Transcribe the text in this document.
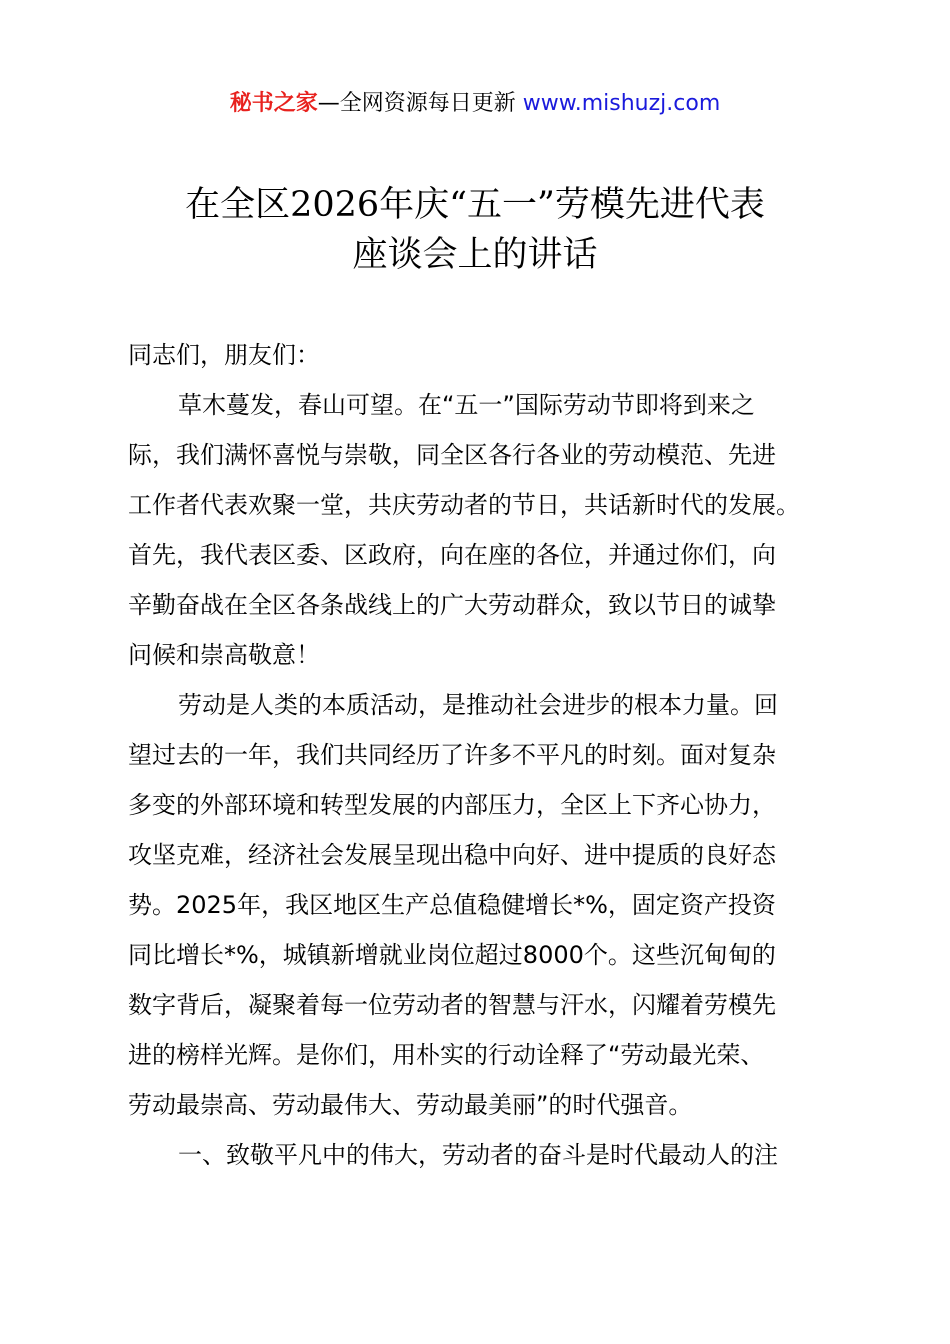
秘书之家—全网资源每日更新 www.mishuzj.com
在全区2026年庆“五一”劳模先进代表
座谈会上的讲话
同志们，朋友们：
草木蔓发，春山可望。在“五一”国际劳动节即将到来之
际，我们满怀喜悦与崇敬，同全区各行各业的劳动模范、先进
工作者代表欢聚一堂，共庆劳动者的节日，共话新时代的发展。
首先，我代表区委、区政府，向在座的各位，并通过你们，向
辛勤奋战在全区各条战线上的广大劳动群众，致以节日的诚挚
问候和崇高敬意！
劳动是人类的本质活动，是推动社会进步的根本力量。回
望过去的一年，我们共同经历了许多不平凡的时刻。面对复杂
多变的外部环境和转型发展的内部压力，全区上下齐心协力，
攻坚克难，经济社会发展呈现出稳中向好、进中提质的良好态
势。2025年，我区地区生产总值稳健增长*%，固定资产投资
同比增长*%，城镇新增就业岗位超过8000个。这些沉甸甸的
数字背后，凝聚着每一位劳动者的智慧与汗水，闪耀着劳模先
进的榜样光辉。是你们，用朴实的行动诠释了“劳动最光荣、
劳动最崇高、劳动最伟大、劳动最美丽”的时代强音。
一、致敬平凡中的伟大，劳动者的奋斗是时代最动人的注
